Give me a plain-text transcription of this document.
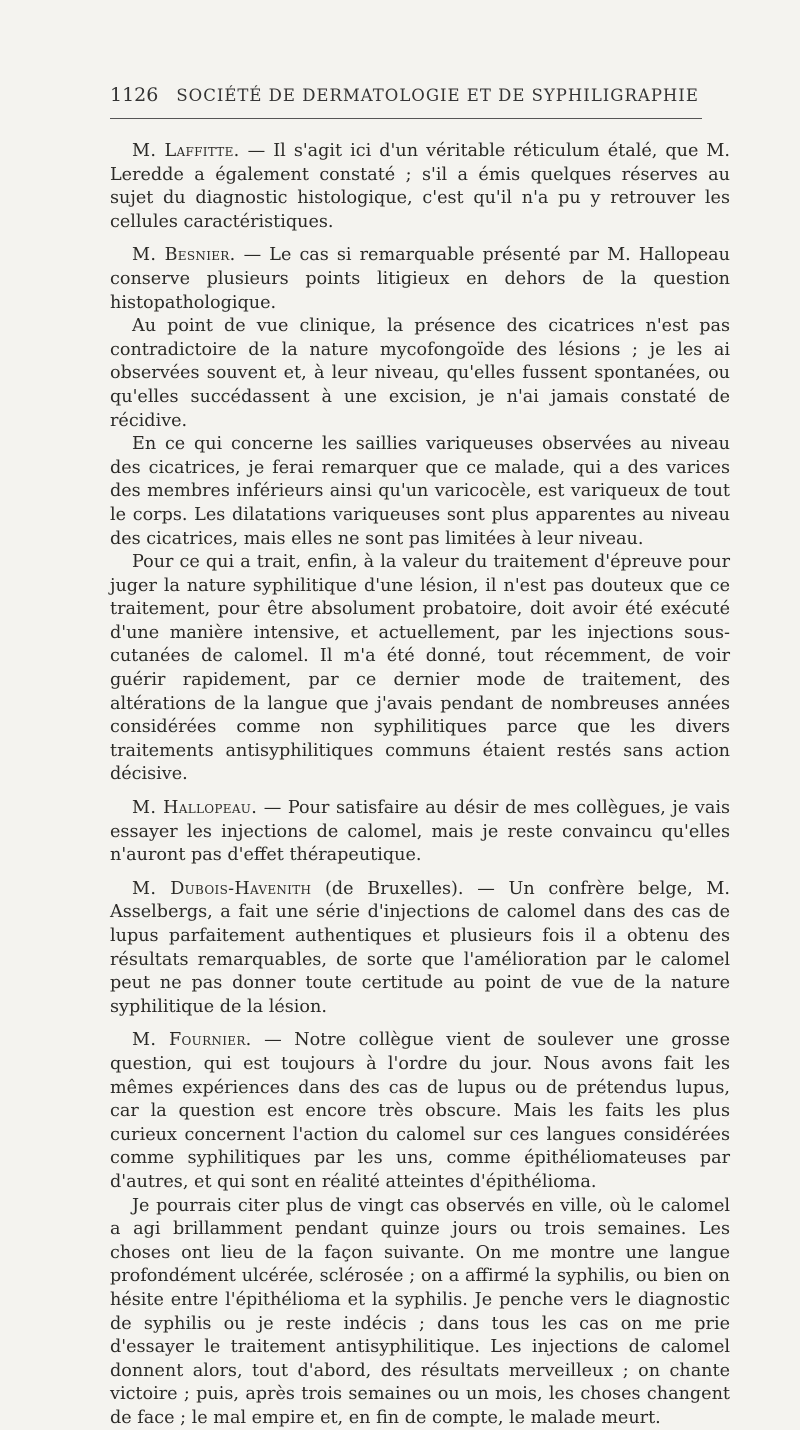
1126 SOCIÉTÉ DE DERMATOLOGIE ET DE SYPHILIGRAPHIE

M. Laffitte. — Il s'agit ici d'un véritable réticulum étalé, que M. Leredde a également constaté ; s'il a émis quelques réserves au sujet du diagnostic histologique, c'est qu'il n'a pu y retrouver les cellules caractéristiques.

M. Besnier. — Le cas si remarquable présenté par M. Hallopeau conserve plusieurs points litigieux en dehors de la question histopathologique.

Au point de vue clinique, la présence des cicatrices n'est pas contradictoire de la nature mycofongoïde des lésions ; je les ai observées souvent et, à leur niveau, qu'elles fussent spontanées, ou qu'elles succédassent à une excision, je n'ai jamais constaté de récidive.

En ce qui concerne les saillies variqueuses observées au niveau des cicatrices, je ferai remarquer que ce malade, qui a des varices des membres inférieurs ainsi qu'un varicocèle, est variqueux de tout le corps. Les dilatations variqueuses sont plus apparentes au niveau des cicatrices, mais elles ne sont pas limitées à leur niveau.

Pour ce qui a trait, enfin, à la valeur du traitement d'épreuve pour juger la nature syphilitique d'une lésion, il n'est pas douteux que ce traitement, pour être absolument probatoire, doit avoir été exécuté d'une manière intensive, et actuellement, par les injections sous-cutanées de calomel. Il m'a été donné, tout récemment, de voir guérir rapidement, par ce dernier mode de traitement, des altérations de la langue que j'avais pendant de nombreuses années considérées comme non syphilitiques parce que les divers traitements antisyphilitiques communs étaient restés sans action décisive.

M. Hallopeau. — Pour satisfaire au désir de mes collègues, je vais essayer les injections de calomel, mais je reste convaincu qu'elles n'auront pas d'effet thérapeutique.

M. Dubois-Havenith (de Bruxelles). — Un confrère belge, M. Asselbergs, a fait une série d'injections de calomel dans des cas de lupus parfaitement authentiques et plusieurs fois il a obtenu des résultats remarquables, de sorte que l'amélioration par le calomel peut ne pas donner toute certitude au point de vue de la nature syphilitique de la lésion.

M. Fournier. — Notre collègue vient de soulever une grosse question, qui est toujours à l'ordre du jour. Nous avons fait les mêmes expériences dans des cas de lupus ou de prétendus lupus, car la question est encore très obscure. Mais les faits les plus curieux concernent l'action du calomel sur ces langues considérées comme syphilitiques par les uns, comme épithéliomateuses par d'autres, et qui sont en réalité atteintes d'épithélioma.

Je pourrais citer plus de vingt cas observés en ville, où le calomel a agi brillamment pendant quinze jours ou trois semaines. Les choses ont lieu de la façon suivante. On me montre une langue profondément ulcérée, sclérosée ; on a affirmé la syphilis, ou bien on hésite entre l'épithélioma et la syphilis. Je penche vers le diagnostic de syphilis ou je reste indécis ; dans tous les cas on me prie d'essayer le traitement antisyphilitique. Les injections de calomel donnent alors, tout d'abord, des résultats merveilleux ; on chante victoire ; puis, après trois semaines ou un mois, les choses changent de face ; le mal empire et, en fin de compte, le malade meurt.
